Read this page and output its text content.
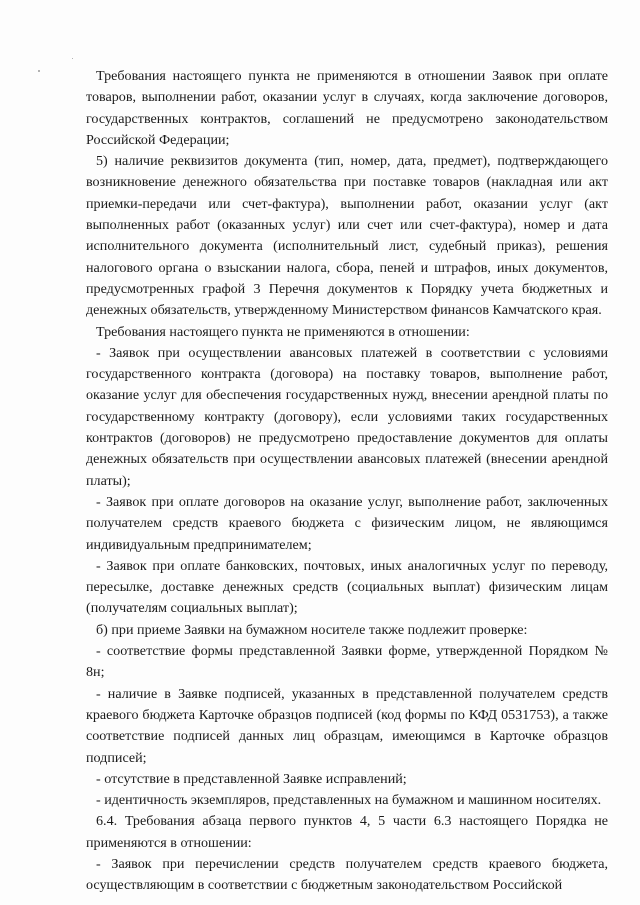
Требования настоящего пункта не применяются в отношении Заявок при оплате товаров, выполнении работ, оказании услуг в случаях, когда заключение договоров, государственных контрактов, соглашений не предусмотрено законодательством Российской Федерации;

5) наличие реквизитов документа (тип, номер, дата, предмет), подтверждающего возникновение денежного обязательства при поставке товаров (накладная или акт приемки-передачи или счет-фактура), выполнении работ, оказании услуг (акт выполненных работ (оказанных услуг) или счет или счет-фактура), номер и дата исполнительного документа (исполнительный лист, судебный приказ), решения налогового органа о взыскании налога, сбора, пеней и штрафов, иных документов, предусмотренных графой 3 Перечня документов к Порядку учета бюджетных и денежных обязательств, утвержденному Министерством финансов Камчатского края.

Требования настоящего пункта не применяются в отношении:

- Заявок при осуществлении авансовых платежей в соответствии с условиями государственного контракта (договора) на поставку товаров, выполнение работ, оказание услуг для обеспечения государственных нужд, внесении арендной платы по государственному контракту (договору), если условиями таких государственных контрактов (договоров) не предусмотрено предоставление документов для оплаты денежных обязательств при осуществлении авансовых платежей (внесении арендной платы);

- Заявок при оплате договоров на оказание услуг, выполнение работ, заключенных получателем средств краевого бюджета с физическим лицом, не являющимся индивидуальным предпринимателем;

- Заявок при оплате банковских, почтовых, иных аналогичных услуг по переводу, пересылке, доставке денежных средств (социальных выплат) физическим лицам (получателям социальных выплат);

б) при приеме Заявки на бумажном носителе также подлежит проверке:

- соответствие формы представленной Заявки форме, утвержденной Порядком № 8н;

- наличие в Заявке подписей, указанных в представленной получателем средств краевого бюджета Карточке образцов подписей (код формы по КФД 0531753), а также соответствие подписей данных лиц образцам, имеющимся в Карточке образцов подписей;

- отсутствие в представленной Заявке исправлений;

- идентичность экземпляров, представленных на бумажном и машинном носителях.

6.4. Требования абзаца первого пунктов 4, 5 части 6.3 настоящего Порядка не применяются в отношении:

- Заявок при перечислении средств получателем средств краевого бюджета, осуществляющим в соответствии с бюджетным законодательством Российской
